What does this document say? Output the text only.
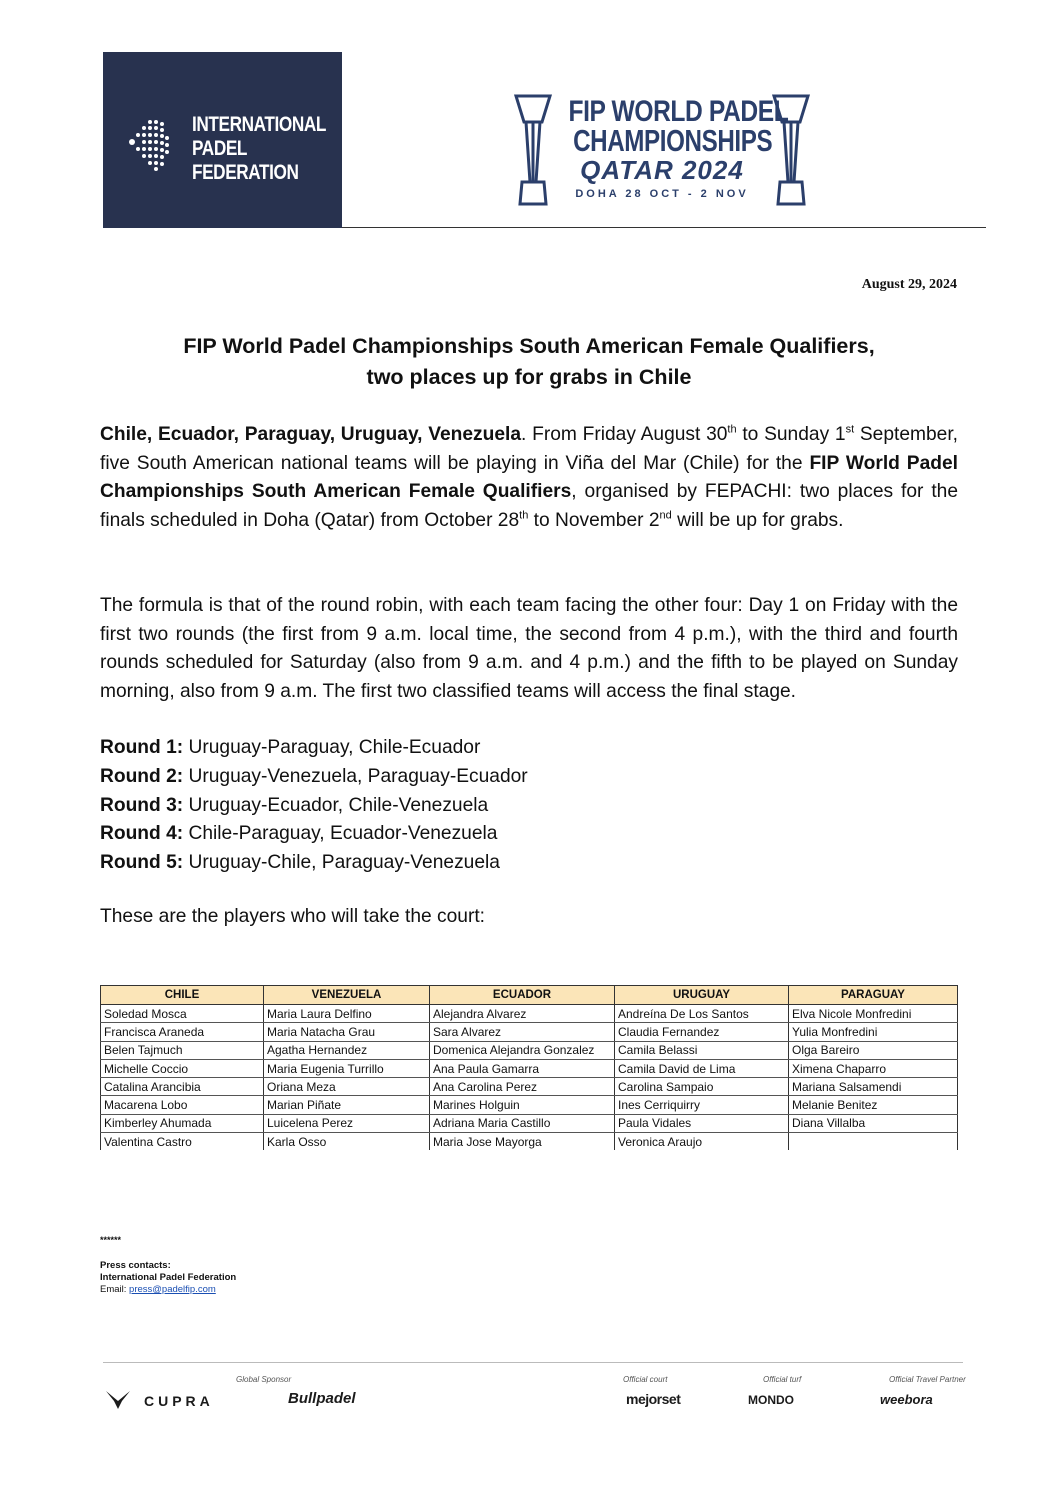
INTERNATIONAL
PADEL
FEDERATION
FIP WORLD PADEL
CHAMPIONSHIPS
QATAR 2024
DOHA 28 OCT - 2 NOV
August 29, 2024
FIP World Padel Championships South American Female Qualifiers,
two places up for grabs in Chile
Chile, Ecuador, Paraguay, Uruguay, Venezuela. From Friday August 30th to Sunday 1st September, five South American national teams will be playing in Viña del Mar (Chile) for the FIP World Padel Championships South American Female Qualifiers, organised by FEPACHI: two places for the finals scheduled in Doha (Qatar) from October 28th to November 2nd will be up for grabs.
The formula is that of the round robin, with each team facing the other four: Day 1 on Friday with the first two rounds (the first from 9 a.m. local time, the second from 4 p.m.), with the third and fourth rounds scheduled for Saturday (also from 9 a.m. and 4 p.m.) and the fifth to be played on Sunday morning, also from 9 a.m. The first two classified teams will access the final stage.
Round 1: Uruguay-Paraguay, Chile-Ecuador
Round 2: Uruguay-Venezuela, Paraguay-Ecuador
Round 3: Uruguay-Ecuador, Chile-Venezuela
Round 4: Chile-Paraguay, Ecuador-Venezuela
Round 5: Uruguay-Chile, Paraguay-Venezuela
These are the players who will take the court:
CHILE	VENEZUELA	ECUADOR	URUGUAY	PARAGUAY
Soledad Mosca	Maria Laura Delfino	Alejandra Alvarez	Andreína De Los Santos	Elva Nicole Monfredini
Francisca Araneda	Maria Natacha Grau	Sara Alvarez	Claudia Fernandez	Yulia Monfredini
Belen Tajmuch	Agatha Hernandez	Domenica Alejandra Gonzalez	Camila Belassi	Olga Bareiro
Michelle Coccio	Maria Eugenia Turrillo	Ana Paula Gamarra	Camila David de Lima	Ximena Chaparro
Catalina Arancibia	Oriana Meza	Ana Carolina Perez	Carolina Sampaio	Mariana Salsamendi
Macarena Lobo	Marian Piñate	Marines Holguin	Ines Cerriquirry	Melanie Benitez
Kimberley Ahumada	Luicelena Perez	Adriana Maria Castillo	Paula Vidales	Diana Villalba
Valentina Castro	Karla Osso	Maria Jose Mayorga	Veronica Araujo	
******
Press contacts:
International Padel Federation
Email: press@padelfip.com
Global Sponsor
CUPRA	Bullpadel
Official court
mejorset
Official turf
MONDO
Official Travel Partner
weebora
